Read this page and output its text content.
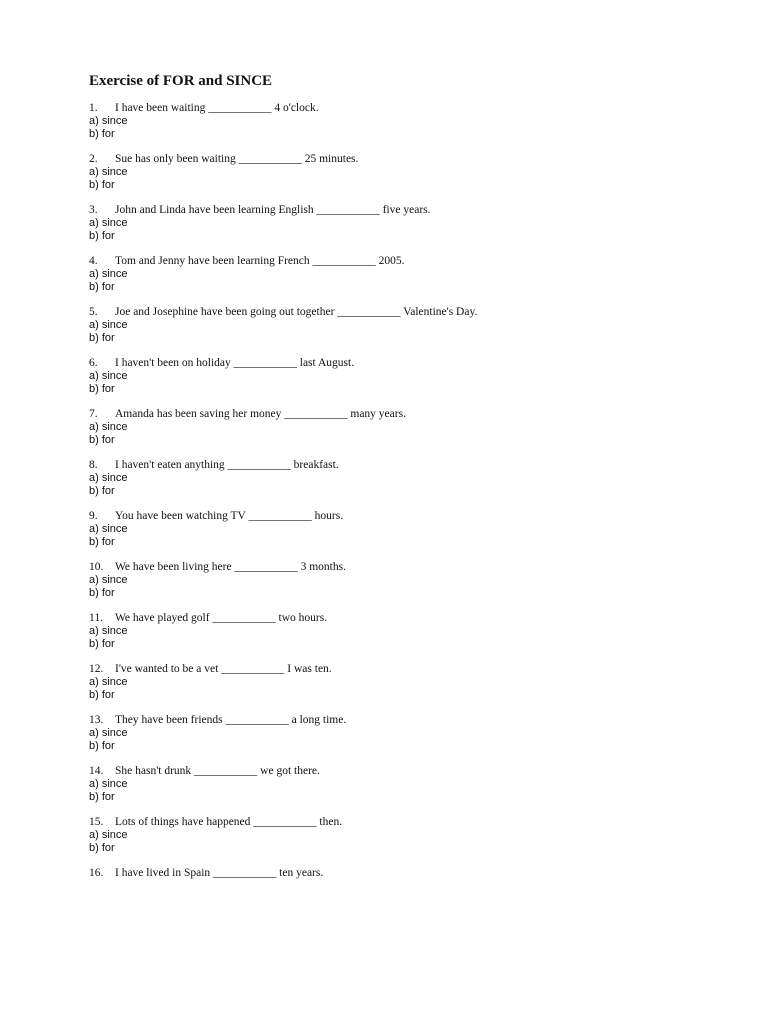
Exercise of FOR and SINCE
1. I have been waiting ___________ 4 o'clock.
a) since
b) for
2. Sue has only been waiting ___________ 25 minutes.
a) since
b) for
3. John and Linda have been learning English ___________ five years.
a) since
b) for
4. Tom and Jenny have been learning French ___________ 2005.
a) since
b) for
5. Joe and Josephine have been going out together ___________ Valentine's Day.
a) since
b) for
6. I haven't been on holiday ___________ last August.
a) since
b) for
7. Amanda has been saving her money ___________ many years.
a) since
b) for
8. I haven't eaten anything ___________ breakfast.
a) since
b) for
9. You have been watching TV ___________ hours.
a) since
b) for
10. We have been living here ___________ 3 months.
a) since
b) for
11. We have played golf ___________ two hours.
a) since
b) for
12. I've wanted to be a vet ___________ I was ten.
a) since
b) for
13. They have been friends ___________ a long time.
a) since
b) for
14. She hasn't drunk ___________ we got there.
a) since
b) for
15. Lots of things have happened ___________ then.
a) since
b) for
16. I have lived in Spain ___________ ten years.
